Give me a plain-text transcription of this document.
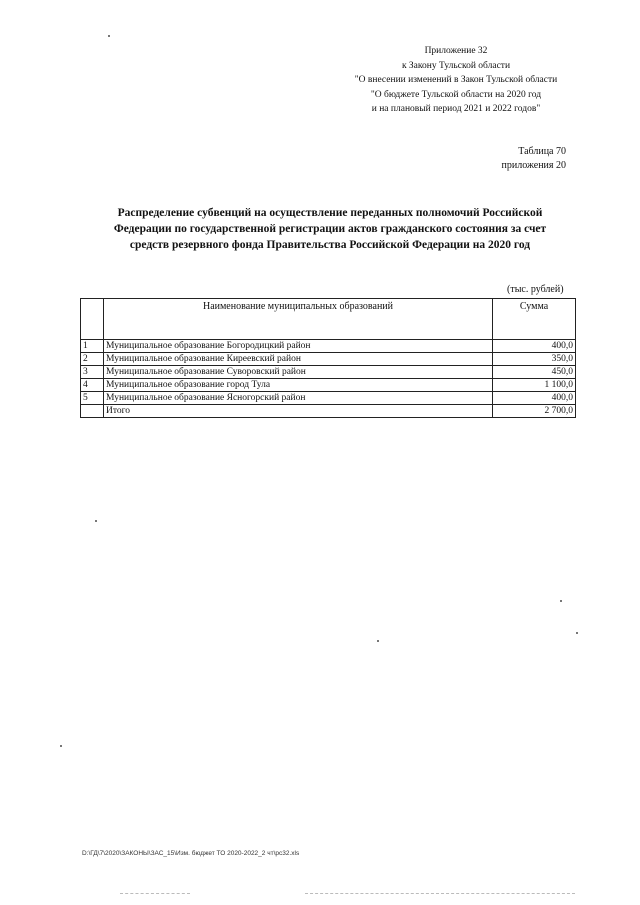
Приложение 32
к Закону Тульской области
"О внесении изменений в Закон Тульской области
"О бюджете Тульской области на 2020 год
и на плановый период 2021 и 2022 годов"
Таблица 70
приложения 20
Распределение субвенций на осуществление переданных полномочий Российской
Федерации по государственной регистрации актов гражданского состояния за счет
средств резервного фонда Правительства Российской Федерации на 2020 год
(тыс. рублей)
	Наименование муниципальных образований	Сумма
1	Муниципальное образование Богородицкий район	400,0
2	Муниципальное образование Киреевский район	350,0
3	Муниципальное образование Суворовский район	450,0
4	Муниципальное образование город Тула	1 100,0
5	Муниципальное образование Ясногорский район	400,0
	Итого	2 700,0
D:\ГД\7\2020\ЗАКОНЫ\ЗАС_15\Изм. бюджет ТО 2020-2022_2 чт\рс32.xls
